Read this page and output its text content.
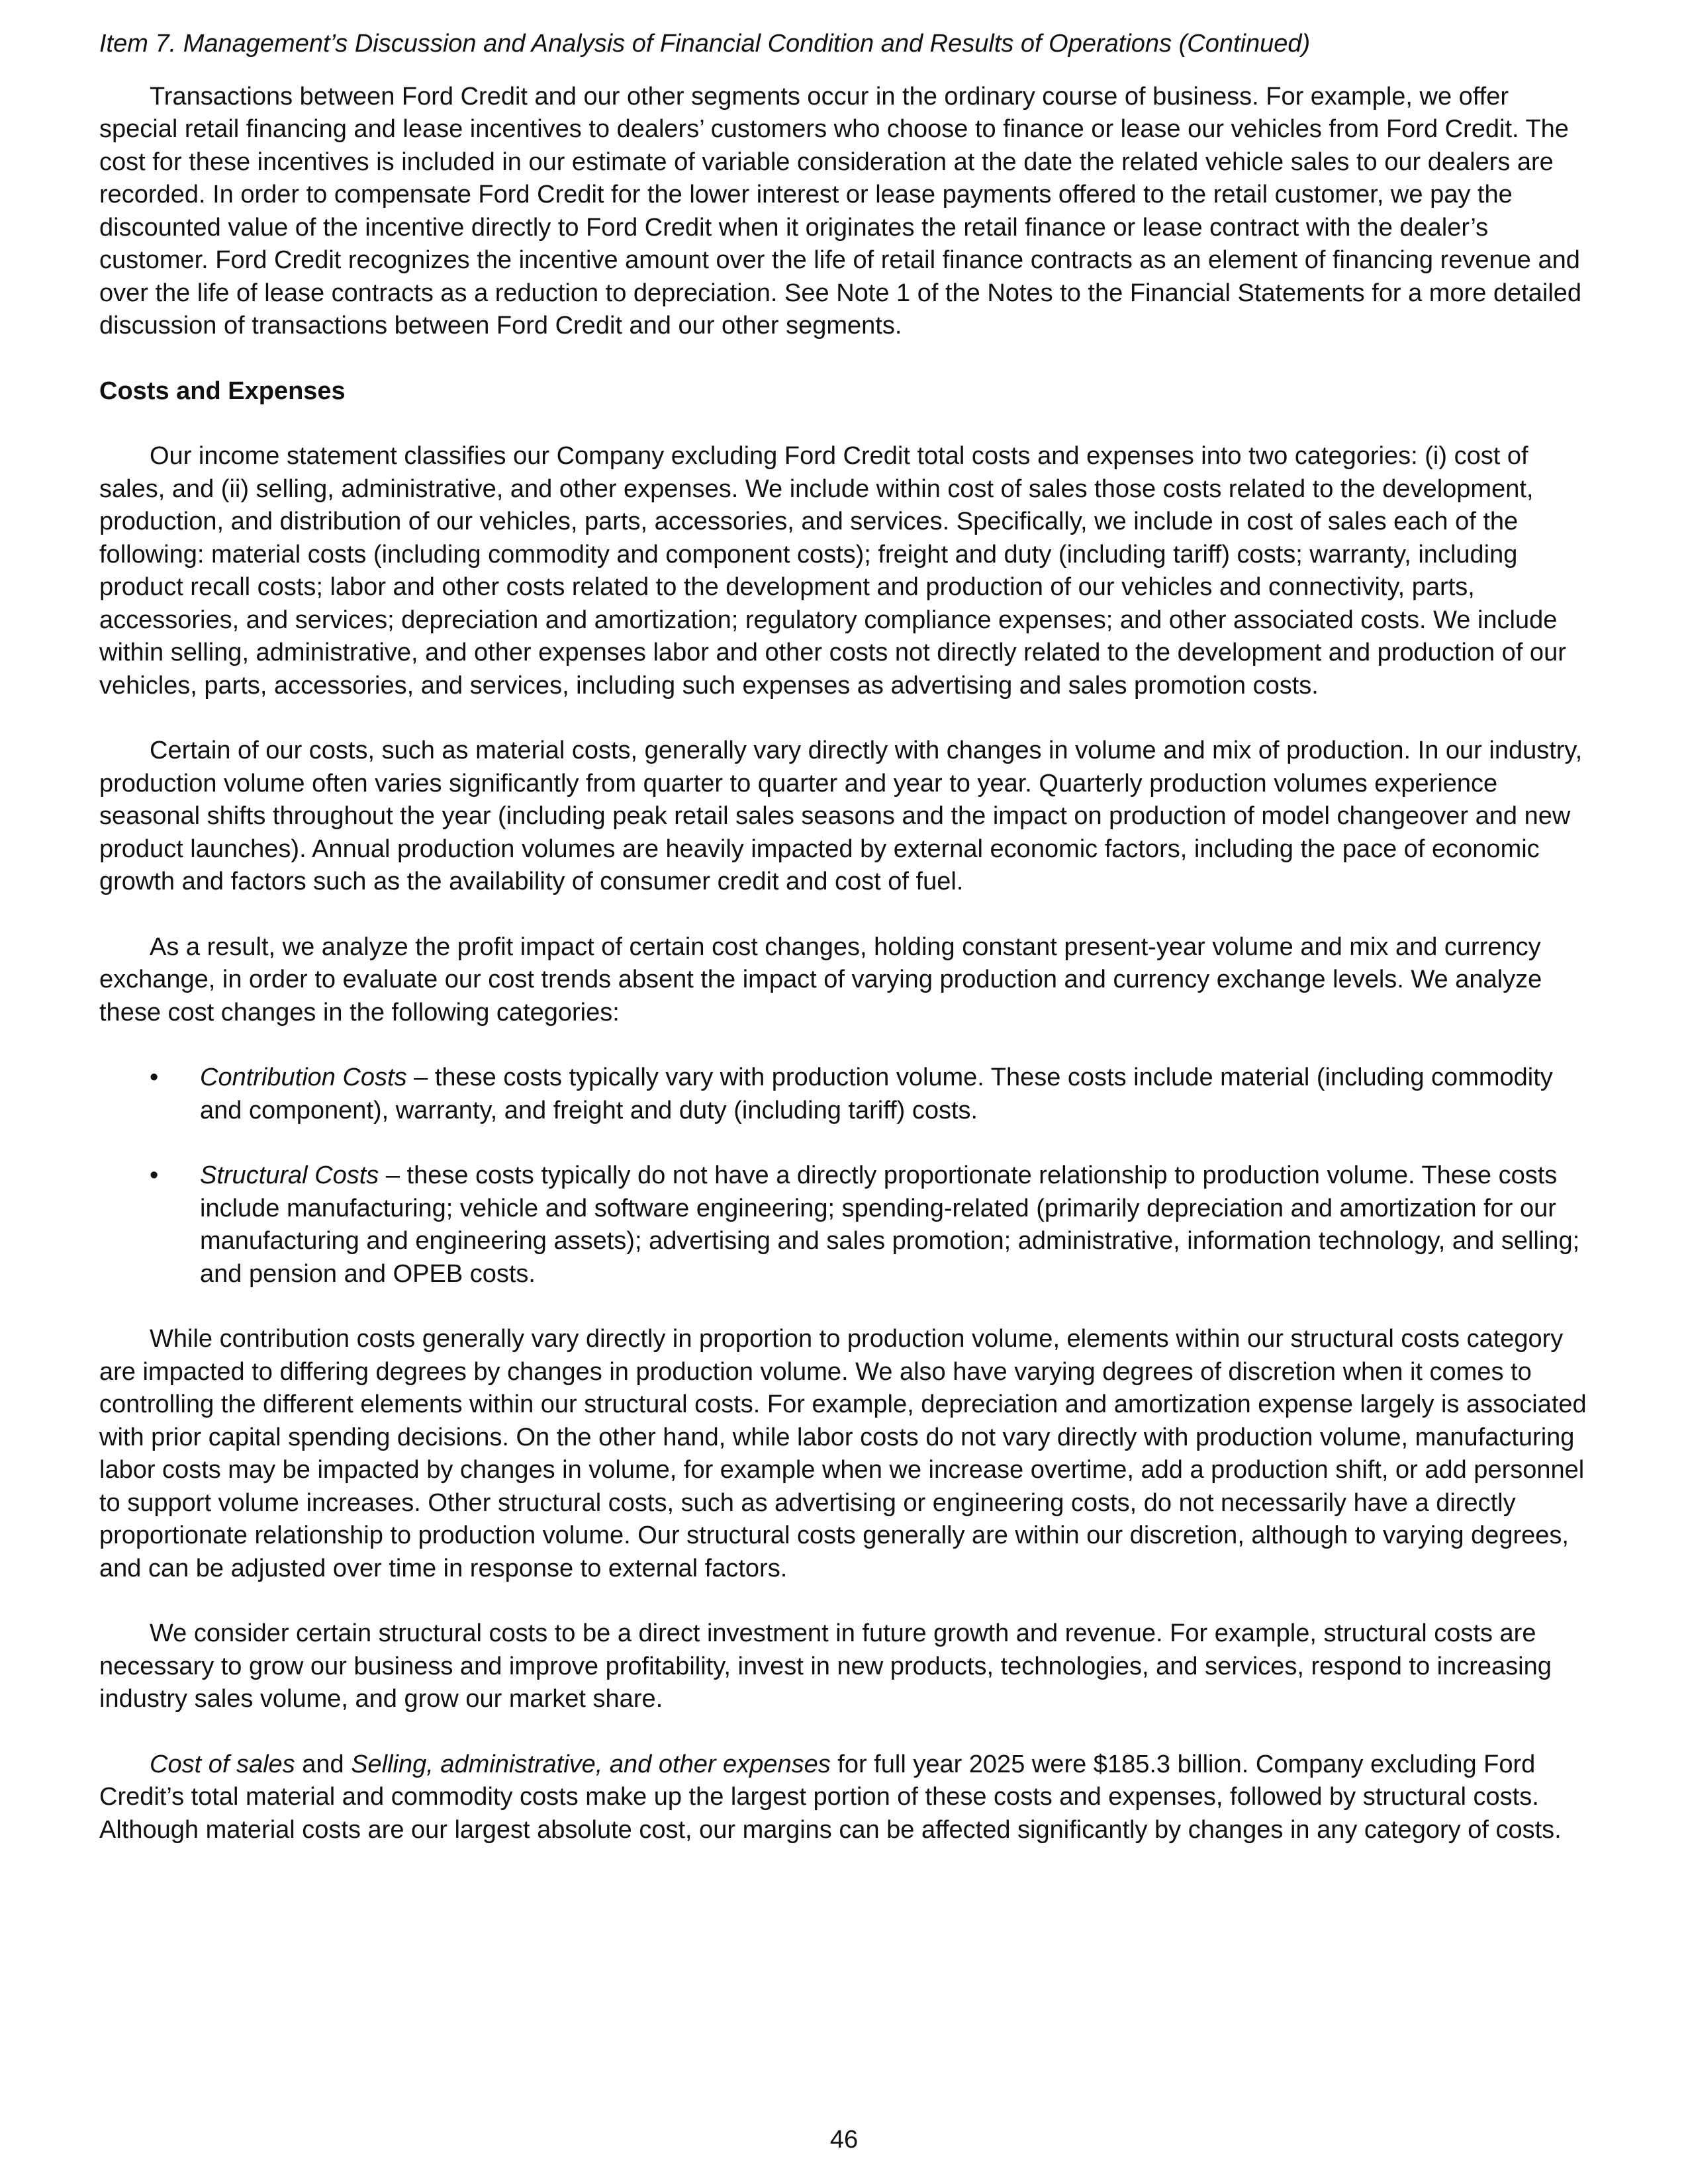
Item 7. Management’s Discussion and Analysis of Financial Condition and Results of Operations (Continued)

Transactions between Ford Credit and our other segments occur in the ordinary course of business. For example, we offer special retail financing and lease incentives to dealers’ customers who choose to finance or lease our vehicles from Ford Credit. The cost for these incentives is included in our estimate of variable consideration at the date the related vehicle sales to our dealers are recorded. In order to compensate Ford Credit for the lower interest or lease payments offered to the retail customer, we pay the discounted value of the incentive directly to Ford Credit when it originates the retail finance or lease contract with the dealer’s customer. Ford Credit recognizes the incentive amount over the life of retail finance contracts as an element of financing revenue and over the life of lease contracts as a reduction to depreciation. See Note 1 of the Notes to the Financial Statements for a more detailed discussion of transactions between Ford Credit and our other segments.

Costs and Expenses

Our income statement classifies our Company excluding Ford Credit total costs and expenses into two categories: (i) cost of sales, and (ii) selling, administrative, and other expenses. We include within cost of sales those costs related to the development, production, and distribution of our vehicles, parts, accessories, and services. Specifically, we include in cost of sales each of the following: material costs (including commodity and component costs); freight and duty (including tariff) costs; warranty, including product recall costs; labor and other costs related to the development and production of our vehicles and connectivity, parts, accessories, and services; depreciation and amortization; regulatory compliance expenses; and other associated costs. We include within selling, administrative, and other expenses labor and other costs not directly related to the development and production of our vehicles, parts, accessories, and services, including such expenses as advertising and sales promotion costs.

Certain of our costs, such as material costs, generally vary directly with changes in volume and mix of production. In our industry, production volume often varies significantly from quarter to quarter and year to year. Quarterly production volumes experience seasonal shifts throughout the year (including peak retail sales seasons and the impact on production of model changeover and new product launches). Annual production volumes are heavily impacted by external economic factors, including the pace of economic growth and factors such as the availability of consumer credit and cost of fuel.

As a result, we analyze the profit impact of certain cost changes, holding constant present-year volume and mix and currency exchange, in order to evaluate our cost trends absent the impact of varying production and currency exchange levels. We analyze these cost changes in the following categories:

• Contribution Costs – these costs typically vary with production volume. These costs include material (including commodity and component), warranty, and freight and duty (including tariff) costs.
• Structural Costs – these costs typically do not have a directly proportionate relationship to production volume. These costs include manufacturing; vehicle and software engineering; spending-related (primarily depreciation and amortization for our manufacturing and engineering assets); advertising and sales promotion; administrative, information technology, and selling; and pension and OPEB costs.

While contribution costs generally vary directly in proportion to production volume, elements within our structural costs category are impacted to differing degrees by changes in production volume. We also have varying degrees of discretion when it comes to controlling the different elements within our structural costs. For example, depreciation and amortization expense largely is associated with prior capital spending decisions. On the other hand, while labor costs do not vary directly with production volume, manufacturing labor costs may be impacted by changes in volume, for example when we increase overtime, add a production shift, or add personnel to support volume increases. Other structural costs, such as advertising or engineering costs, do not necessarily have a directly proportionate relationship to production volume. Our structural costs generally are within our discretion, although to varying degrees, and can be adjusted over time in response to external factors.

We consider certain structural costs to be a direct investment in future growth and revenue. For example, structural costs are necessary to grow our business and improve profitability, invest in new products, technologies, and services, respond to increasing industry sales volume, and grow our market share.

Cost of sales and Selling, administrative, and other expenses for full year 2025 were $185.3 billion. Company excluding Ford Credit’s total material and commodity costs make up the largest portion of these costs and expenses, followed by structural costs. Although material costs are our largest absolute cost, our margins can be affected significantly by changes in any category of costs.

46
